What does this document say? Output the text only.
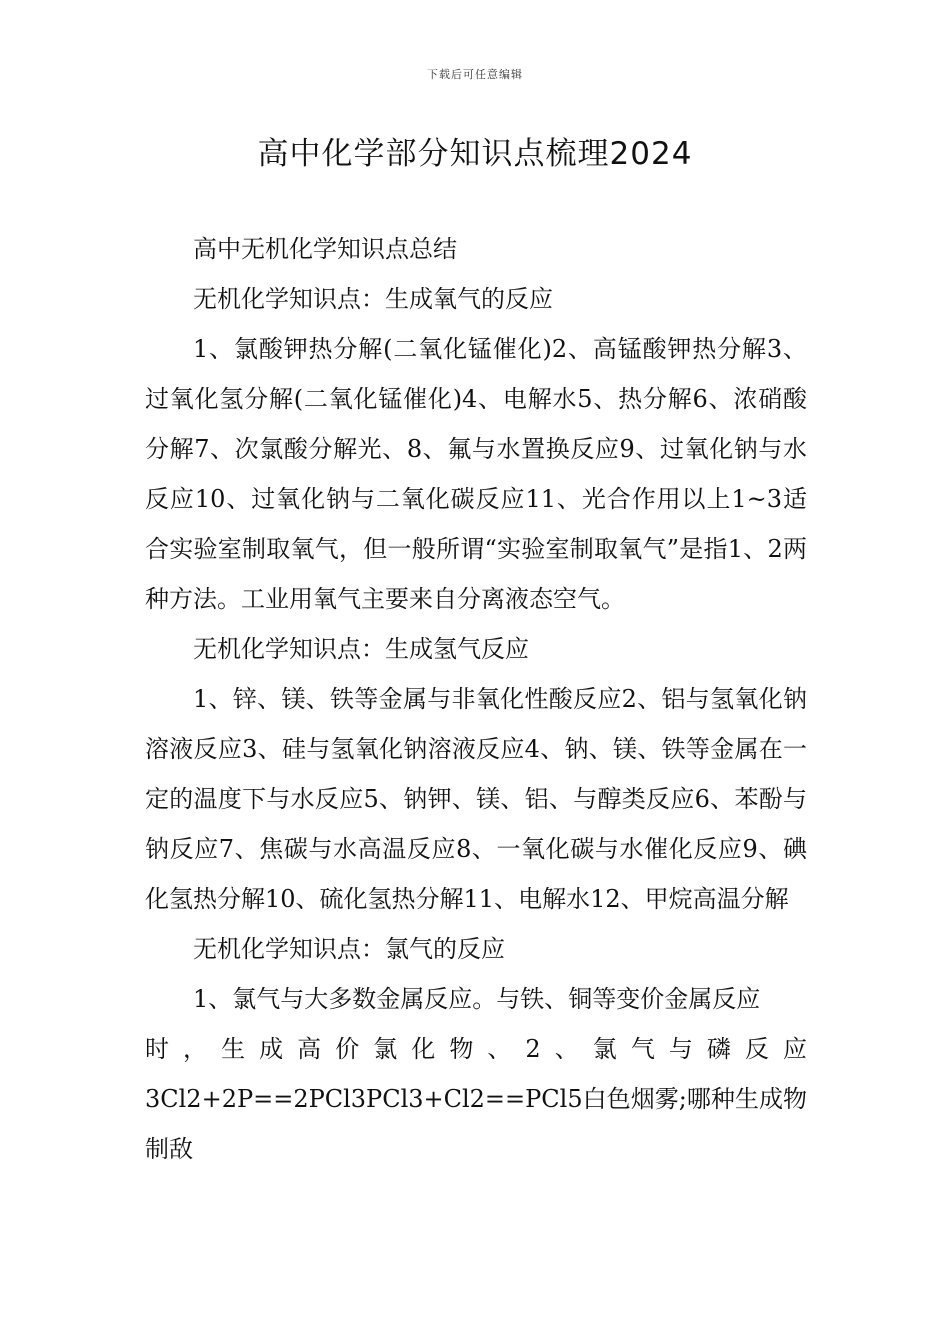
下载后可任意编辑
高中化学部分知识点梳理2024

高中无机化学知识点总结

无机化学知识点：生成氧气的反应

1、氯酸钾热分解(二氧化锰催化)2、高锰酸钾热分解3、过氧化氢分解(二氧化锰催化)4、电解水5、热分解6、浓硝酸分解7、次氯酸分解光、8、氟与水置换反应9、过氧化钠与水反应10、过氧化钠与二氧化碳反应11、光合作用以上1~3适合实验室制取氧气，但一般所谓“实验室制取氧气”是指1、2两种方法。工业用氧气主要来自分离液态空气。

无机化学知识点：生成氢气反应

1、锌、镁、铁等金属与非氧化性酸反应2、铝与氢氧化钠溶液反应3、硅与氢氧化钠溶液反应4、钠、镁、铁等金属在一定的温度下与水反应5、钠钾、镁、铝、与醇类反应6、苯酚与钠反应7、焦碳与水高温反应8、一氧化碳与水催化反应9、碘化氢热分解10、硫化氢热分解11、电解水12、甲烷高温分解

无机化学知识点：氯气的反应

1、氯气与大多数金属反应。与铁、铜等变价金属反应

时，生成高价氯化物、2、氯气与磷反应

3Cl2+2P==2PCl3PCl3+Cl2==PCl5白色烟雾;哪种生成物制敌
